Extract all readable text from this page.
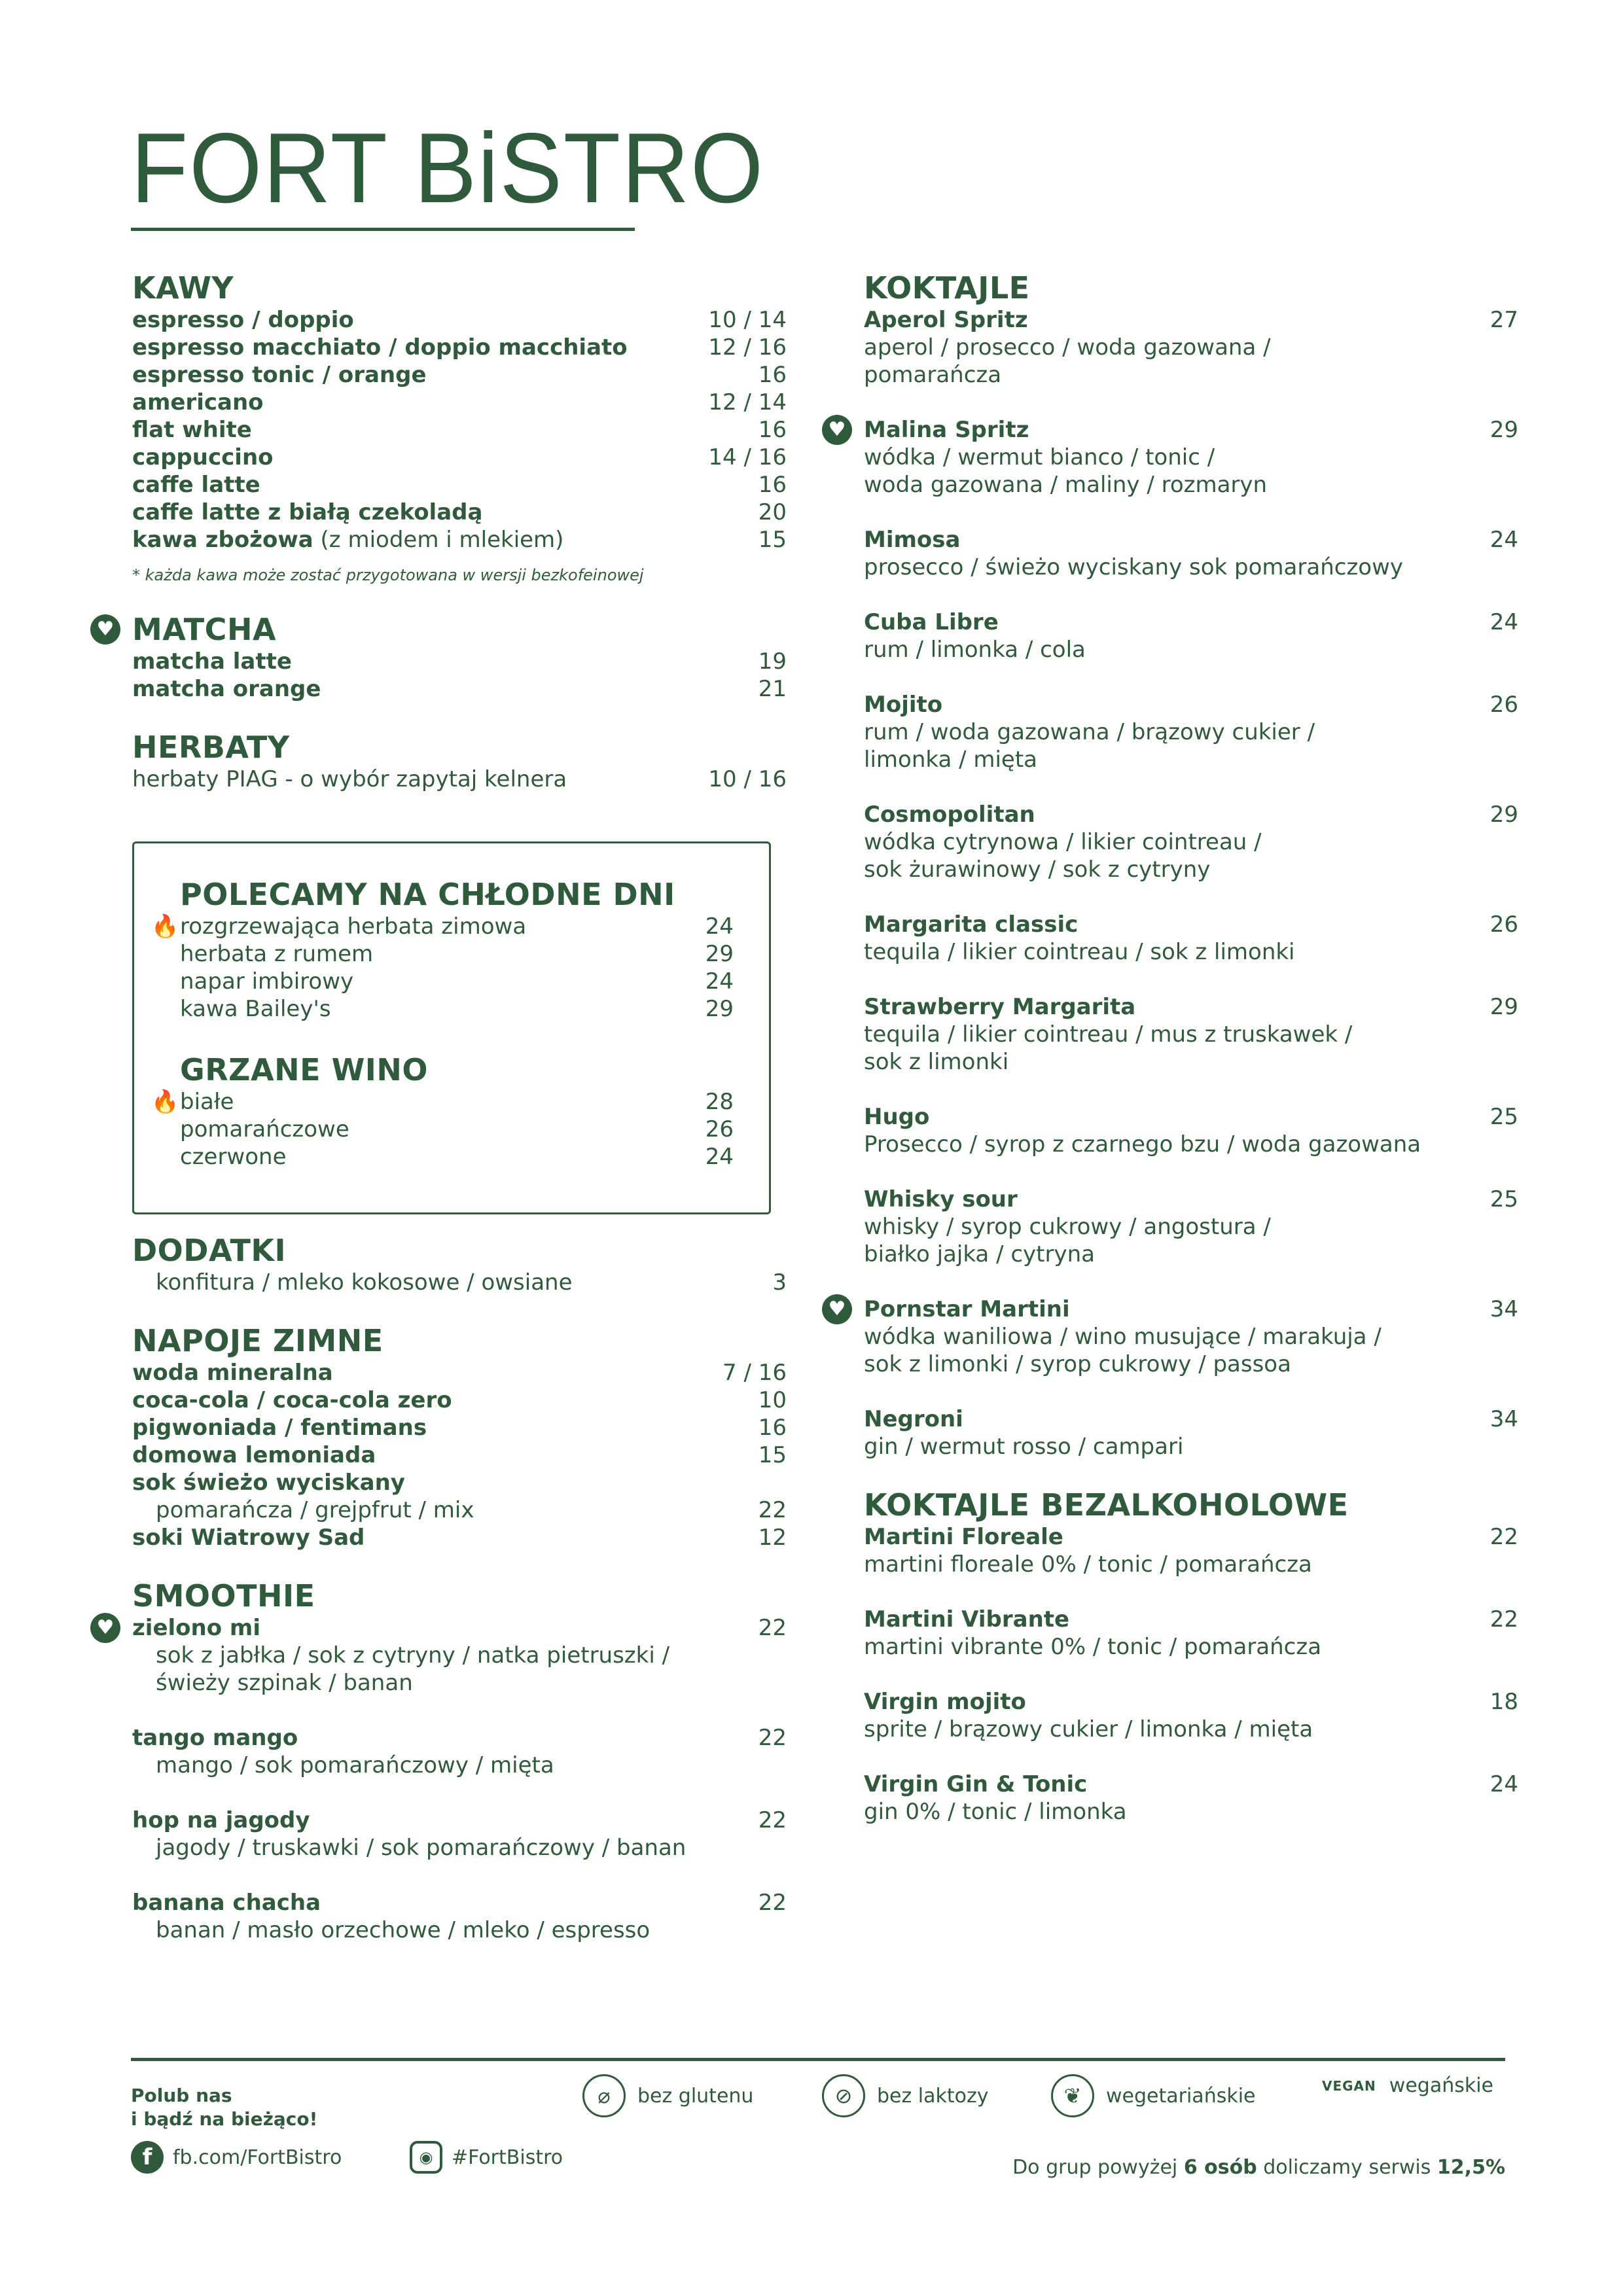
FORT BiSTRO
KAWY
espresso / doppio	10 / 14
espresso macchiato / doppio macchiato	12 / 16
espresso tonic / orange	16
americano	12 / 14
flat white	16
cappuccino	14 / 16
caffe latte	16
caffe latte z białą czekoladą	20
kawa zbożowa (z miodem i mlekiem)	15
* każda kawa może zostać przygotowana w wersji bezkofeinowej
♥ MATCHA
matcha latte	19
matcha orange	21
HERBATY
herbaty PIAG - o wybór zapytaj kelnera	10 / 16
POLECAMY NA CHŁODNE DNI
🔥 rozgrzewająca herbata zimowa	24
herbata z rumem	29
napar imbirowy	24
kawa Bailey's	29
GRZANE WINO
🔥 białe	28
pomarańczowe	26
czerwone	24
DODATKI
konfitura / mleko kokosowe / owsiane	3
NAPOJE ZIMNE
woda mineralna	7 / 16
coca-cola / coca-cola zero	10
pigwoniada / fentimans	16
domowa lemoniada	15
sok świeżo wyciskany
pomarańcza / grejpfrut / mix	22
soki Wiatrowy Sad	12
SMOOTHIE
♥ zielono mi	22
sok z jabłka / sok z cytryny / natka pietruszki /
świeży szpinak / banan
tango mango	22
mango / sok pomarańczowy / mięta
hop na jagody	22
jagody / truskawki / sok pomarańczowy / banan
banana chacha	22
banan / masło orzechowe / mleko / espresso
KOKTAJLE
Aperol Spritz	27
aperol / prosecco / woda gazowana /
pomarańcza
♥ Malina Spritz	29
wódka / wermut bianco / tonic /
woda gazowana / maliny / rozmaryn
Mimosa	24
prosecco / świeżo wyciskany sok pomarańczowy
Cuba Libre	24
rum / limonka / cola
Mojito	26
rum / woda gazowana / brązowy cukier /
limonka / mięta
Cosmopolitan	29
wódka cytrynowa / likier cointreau /
sok żurawinowy / sok z cytryny
Margarita classic	26
tequila / likier cointreau / sok z limonki
Strawberry Margarita	29
tequila / likier cointreau / mus z truskawek /
sok z limonki
Hugo	25
Prosecco / syrop z czarnego bzu / woda gazowana
Whisky sour	25
whisky / syrop cukrowy / angostura /
białko jajka / cytryna
♥ Pornstar Martini	34
wódka waniliowa / wino musujące / marakuja /
sok z limonki / syrop cukrowy / passoa
Negroni	34
gin / wermut rosso / campari
KOKTAJLE BEZALKOHOLOWE
Martini Floreale	22
martini floreale 0% / tonic / pomarańcza
Martini Vibrante	22
martini vibrante 0% / tonic / pomarańcza
Virgin mojito	18
sprite / brązowy cukier / limonka / mięta
Virgin Gin & Tonic	24
gin 0% / tonic / limonka
Polub nas
i bądź na bieżąco!
⌀	bez glutenu	⊘	bez laktozy	❦	wegetariańskie	VEGAN wegańskie
f	fb.com/FortBistro	◉ #FortBistro	Do grup powyżej 6 osób doliczamy serwis 12,5%
